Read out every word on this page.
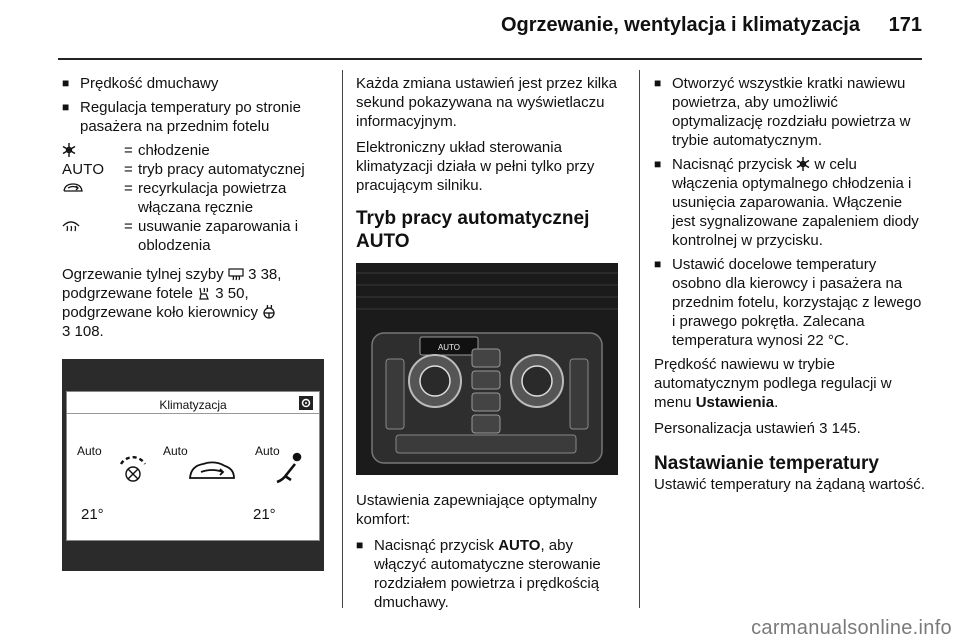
Ogrzewanie, wentylacja i klimatyzacja 171
■ Prędkość dmuchawy
■ Regulacja temperatury po stronie pasażera na przednim fotelu
= chłodzenie
AUTO	= tryb pracy automatycznej
= recyrkulacja powietrza włączana ręcznie
= usuwanie zaparowania i oblodzenia

Ogrzewanie tylnej szyby 3 38,
podgrzewane fotele 3 50,
podgrzewane koło kierownicy
3 108.

Klimatyzacja
Auto	Auto	Auto
21°	21°

Każda zmiana ustawień jest przez kilka sekund pokazywana na wyświetlaczu informacyjnym.

Elektroniczny układ sterowania klimatyzacji działa w pełni tylko przy pracującym silniku.

Tryb pracy automatycznej AUTO
AUTO

Ustawienia zapewniające optymalny komfort:

■ Nacisnąć przycisk AUTO, aby włączyć automatyczne sterowanie rozdziałem powietrza i prędkością dmuchawy.
■ Otworzyć wszystkie kratki nawiewu powietrza, aby umożliwić optymalizację rozdziału powietrza w trybie automatycznym.
■ Nacisnąć przycisk w celu włączenia optymalnego chłodzenia i usunięcia zaparowania. Włączenie jest sygnalizowane zapaleniem diody kontrolnej w przycisku.
■ Ustawić docelowe temperatury osobno dla kierowcy i pasażera na przednim fotelu, korzystając z lewego i prawego pokrętła. Zalecana temperatura wynosi 22 °C.

Prędkość nawiewu w trybie automatycznym podlega regulacji w menu Ustawienia.

Personalizacja ustawień 3 145.

Nastawianie temperatury

Ustawić temperatury na żądaną wartość.

carmanualsonline.info
